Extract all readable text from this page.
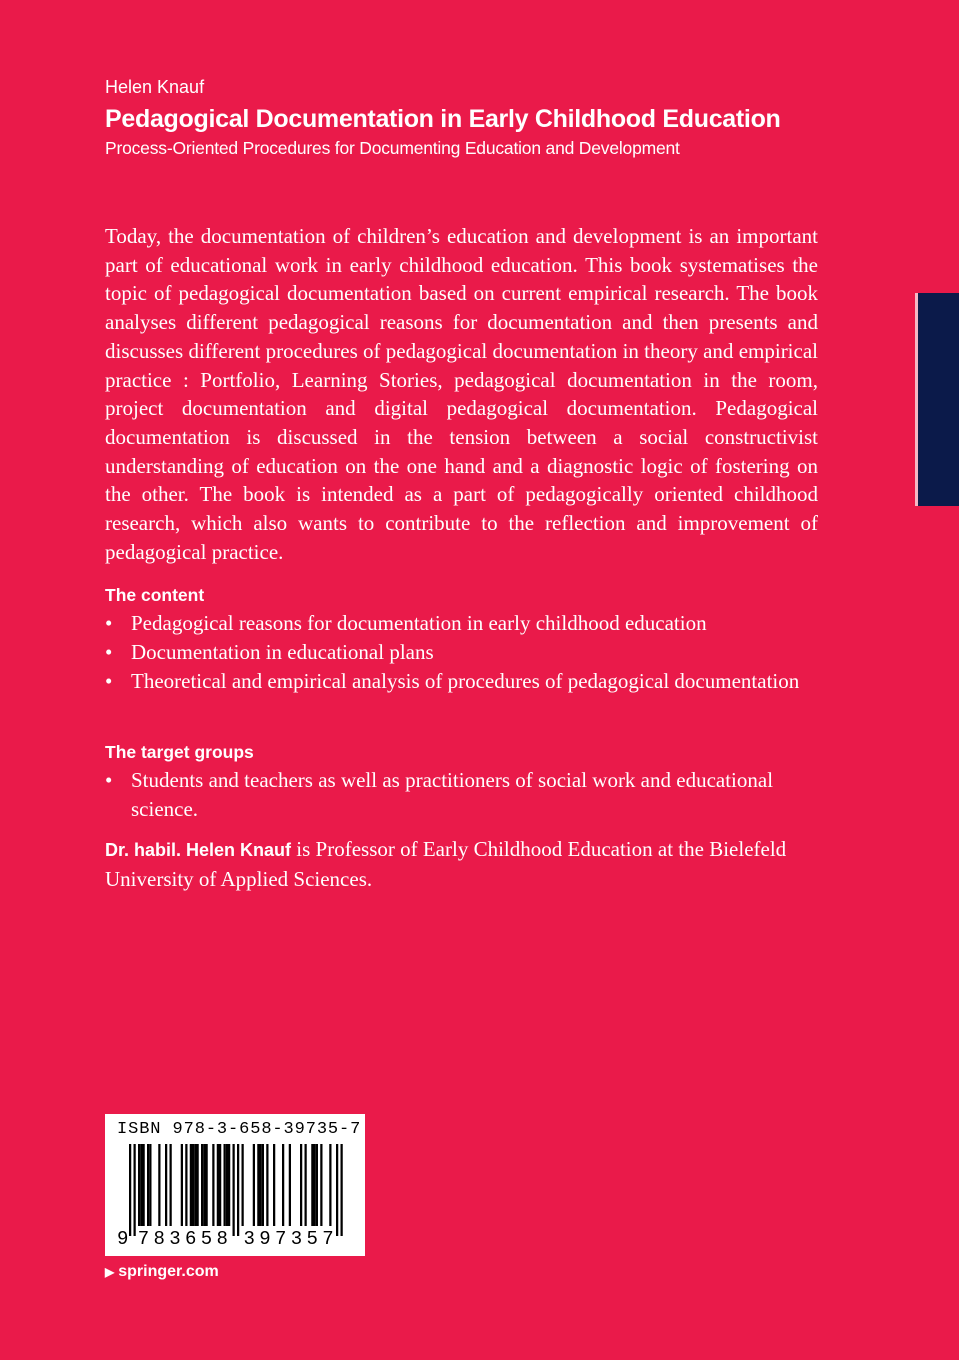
Helen Knauf
Pedagogical Documentation in Early Childhood Education
Process-Oriented Procedures for Documenting Education and Development

Today, the documentation of children’s education and development is an important part of educational work in early childhood education. This book systematises the topic of pedagogical documentation based on current empirical research. The book analyses different pedagogical reasons for documentation and then presents and discusses different procedures of pedagogical documentation in theory and empirical practice : Portfolio, Learning Stories, pedagogical documentation in the room, project documentation and digital pedagogical documentation. Pedagogical documentation is discussed in the tension between a social constructivist understanding of education on the one hand and a diagnostic logic of fostering on the other. The book is intended as a part of pedagogically oriented childhood research, which also wants to contribute to the reflection and improvement of pedagogical practice.

The content
• Pedagogical reasons for documentation in early childhood education
• Documentation in educational plans
• Theoretical and empirical analysis of procedures of pedagogical documentation
The target groups
• Students and teachers as well as practitioners of social work and educational science.

Dr. habil. Helen Knauf is Professor of Early Childhood Education at the Bielefeld University of Applied Sciences.

ISBN 978-3-658-39735-7
9 7 8 3 6 5 8 3 9 7 3 5 7
▶ springer.com
